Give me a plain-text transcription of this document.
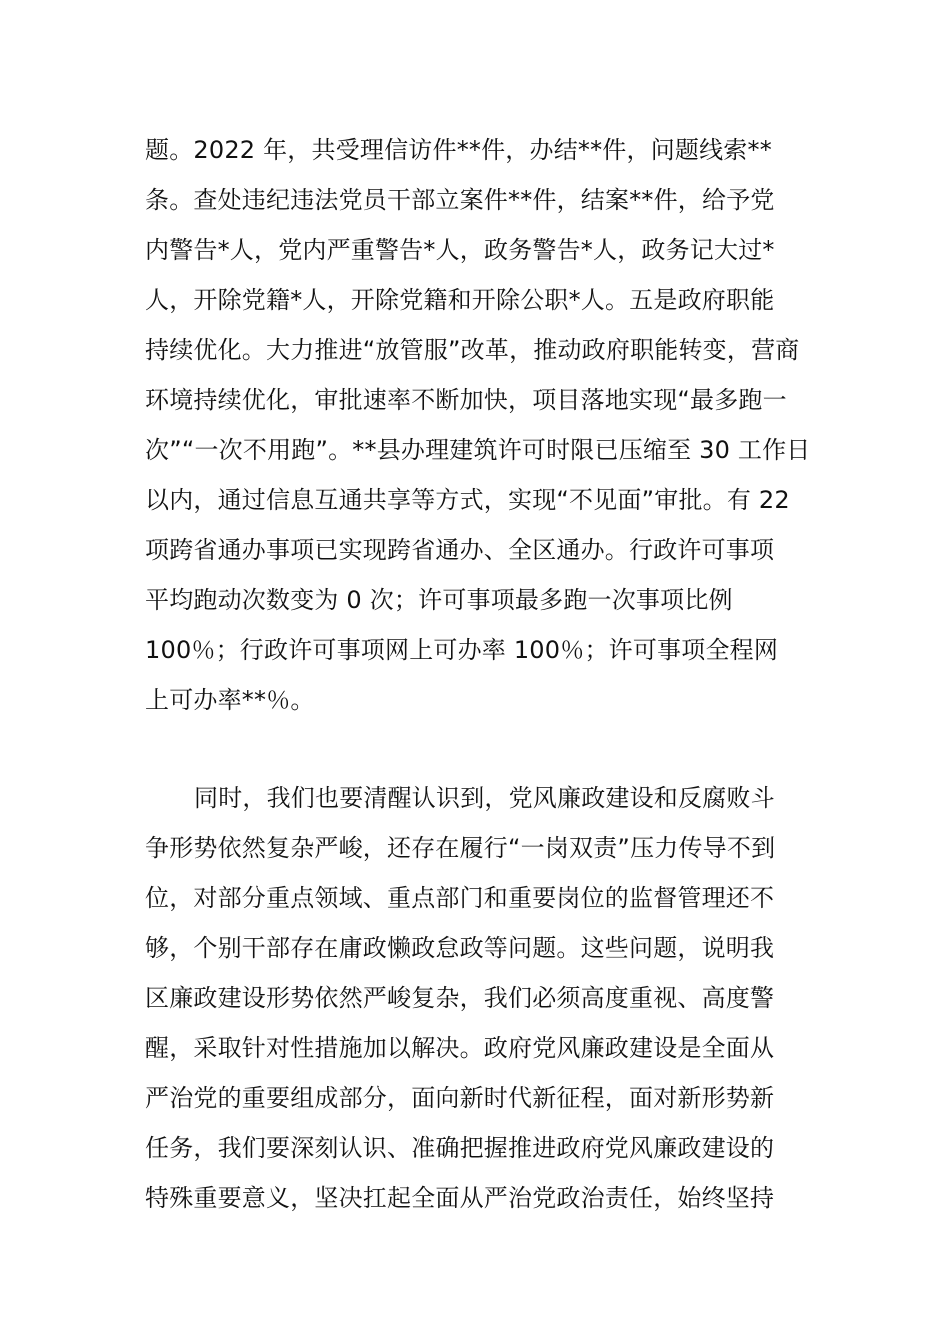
题。2022 年，共受理信访件**件，办结**件，问题线索**
条。查处违纪违法党员干部立案件**件，结案**件，给予党
内警告*人，党内严重警告*人，政务警告*人，政务记大过*
人，开除党籍*人，开除党籍和开除公职*人。五是政府职能
持续优化。大力推进“放管服”改革，推动政府职能转变，营商
环境持续优化，审批速率不断加快，项目落地实现“最多跑一
次”“一次不用跑”。**县办理建筑许可时限已压缩至 30 工作日
以内，通过信息互通共享等方式，实现“不见面”审批。有 22
项跨省通办事项已实现跨省通办、全区通办。行政许可事项
平均跑动次数变为 0 次；许可事项最多跑一次事项比例
100％；行政许可事项网上可办率 100％；许可事项全程网
上可办率**％。
同时，我们也要清醒认识到，党风廉政建设和反腐败斗
争形势依然复杂严峻，还存在履行“一岗双责”压力传导不到
位，对部分重点领域、重点部门和重要岗位的监督管理还不
够，个别干部存在庸政懒政怠政等问题。这些问题，说明我
区廉政建设形势依然严峻复杂，我们必须高度重视、高度警
醒，采取针对性措施加以解决。政府党风廉政建设是全面从
严治党的重要组成部分，面向新时代新征程，面对新形势新
任务，我们要深刻认识、准确把握推进政府党风廉政建设的
特殊重要意义，坚决扛起全面从严治党政治责任，始终坚持
